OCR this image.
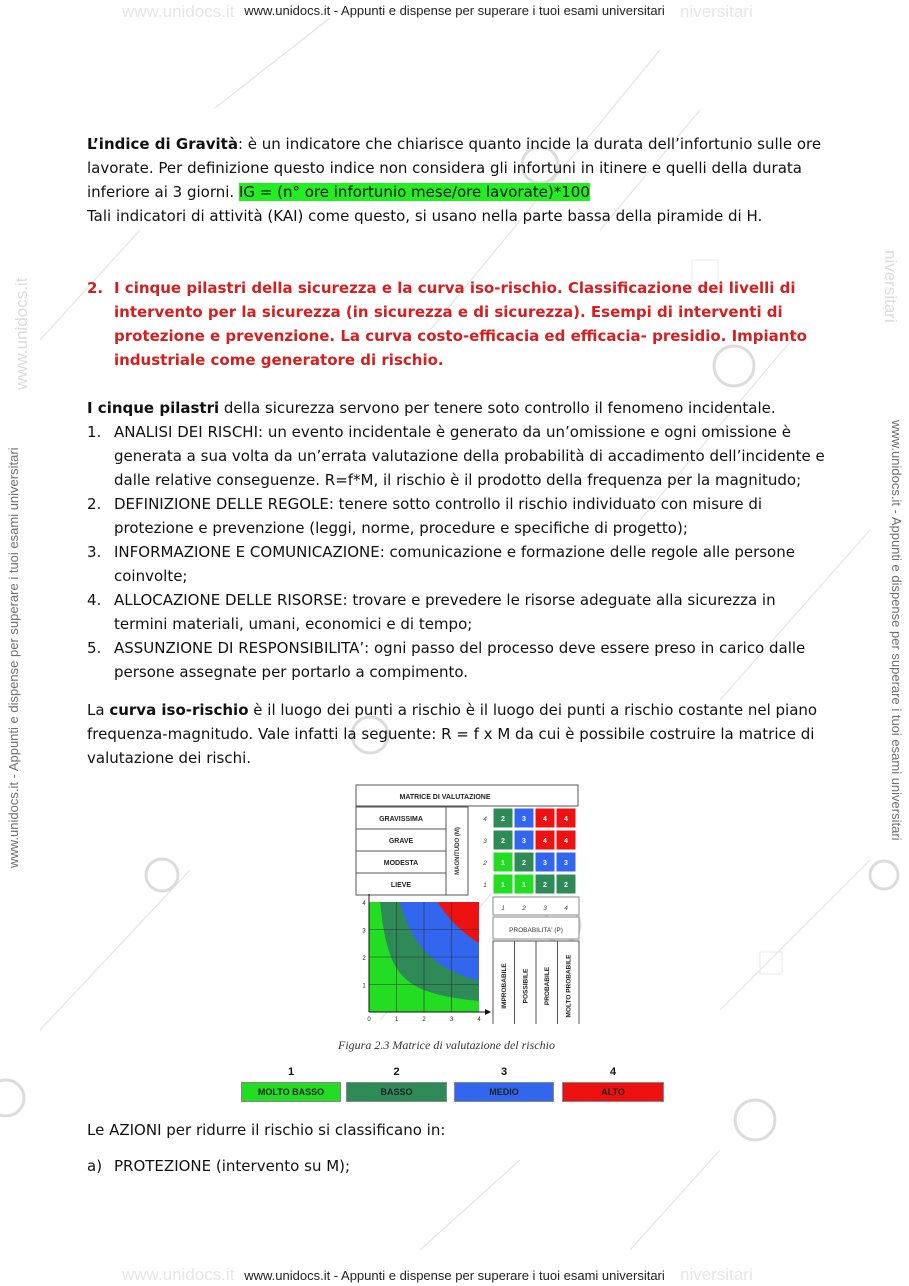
www.unidocs.it	niversitari
www.unidocs.it - Appunti e dispense per superare i tuoi esami universitari
www.unidocs.it	niversitari
www.unidocs.it - Appunti e dispense per superare i tuoi esami universitari
www.unidocs.it - Appunti e dispense per superare i tuoi esami universitari	www.unidocs.it - Appunti e dispense per superare i tuoi esami universitari
www.unidocs.it	niversitari

L’indice di Gravità: è un indicatore che chiarisce quanto incide la durata dell’infortunio sulle ore lavorate. Per definizione questo indice non considera gli infortuni in itinere e quelli della durata inferiore ai 3 giorni. IG = (n° ore infortunio mese/ore lavorate)*100

Tali indicatori di attività (KAI) come questo, si usano nella parte bassa della piramide di H.

2. I cinque pilastri della sicurezza e la curva iso-rischio. Classificazione dei livelli di intervento per la sicurezza (in sicurezza e di sicurezza). Esempi di interventi di protezione e prevenzione. La curva costo-efficacia ed efficacia- presidio. Impianto industriale come generatore di rischio.

I cinque pilastri della sicurezza servono per tenere soto controllo il fenomeno incidentale.

1. ANALISI DEI RISCHI: un evento incidentale è generato da un’omissione e ogni omissione è generata a sua volta da un’errata valutazione della probabilità di accadimento dell’incidente e dalle relative conseguenze. R=f*M, il rischio è il prodotto della frequenza per la magnitudo;
2. DEFINIZIONE DELLE REGOLE: tenere sotto controllo il rischio individuato con misure di protezione e prevenzione (leggi, norme, procedure e specifiche di progetto);
3. INFORMAZIONE E COMUNICAZIONE: comunicazione e formazione delle regole alle persone coinvolte;
4. ALLOCAZIONE DELLE RISORSE: trovare e prevedere le risorse adeguate alla sicurezza in termini materiali, umani, economici e di tempo;
5. ASSUNZIONE DI RESPONSIBILITA’: ogni passo del processo deve essere preso in carico dalle persone assegnate per portarlo a compimento.

La curva iso-rischio è il luogo dei punti a rischio è il luogo dei punti a rischio costante nel piano frequenza-magnitudo. Vale infatti la seguente: R = f x M da cui è possibile costruire la matrice di valutazione dei rischi.

MATRICE DI VALUTAZIONE
GRAVISSIMA	4 2 3 4 4
GRAVE	3 2 3 4 4
MODESTA	2 1 2 3 3
LIEVE	1 1 1 2 2
MAGNITUDO (M)
1	2	3	4
PROBABILITA' (P)
0	1	2	3	4
1
2
3
4
IMPROBABILE POSSIBILE PROBABILE MOLTO PROBABILE
Figura 2.3 Matrice di valutazione del rischio
1
MOLTO BASSO
2
BASSO
3
MEDIO
4
ALTO
Le AZIONI per ridurre il rischio si classificano in:
a) PROTEZIONE (intervento su M);
